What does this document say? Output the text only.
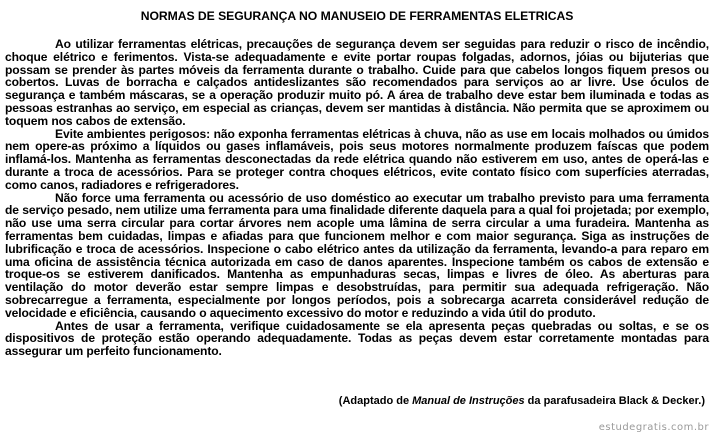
NORMAS DE SEGURANÇA NO MANUSEIO DE FERRAMENTAS ELETRICAS

Ao utilizar ferramentas elétricas, precauções de segurança devem ser seguidas para reduzir o risco de incêndio, choque elétrico e ferimentos. Vista-se adequadamente e evite portar roupas folgadas, adornos, jóias ou bijuterias que possam se prender às partes móveis da ferramenta durante o trabalho. Cuide para que cabelos longos fiquem presos ou cobertos. Luvas de borracha e calçados antideslizantes são recomendados para serviços ao ar livre. Use óculos de segurança e também máscaras, se a operação produzir muito pó. A área de trabalho deve estar bem iluminada e todas as pessoas estranhas ao serviço, em especial as crianças, devem ser mantidas à distância. Não permita que se aproximem ou toquem nos cabos de extensão.

Evite ambientes perigosos: não exponha ferramentas elétricas à chuva, não as use em locais molhados ou úmidos nem opere-as próximo a líquidos ou gases inflamáveis, pois seus motores normalmente produzem faíscas que podem inflamá-los. Mantenha as ferramentas desconectadas da rede elétrica quando não estiverem em uso, antes de operá-las e durante a troca de acessórios. Para se proteger contra choques elétricos, evite contato físico com superfícies aterradas, como canos, radiadores e refrigeradores.

Não force uma ferramenta ou acessório de uso doméstico ao executar um trabalho previsto para uma ferramenta de serviço pesado, nem utilize uma ferramenta para uma finalidade diferente daquela para a qual foi projetada; por exemplo, não use uma serra circular para cortar árvores nem acople uma lâmina de serra circular a uma furadeira. Mantenha as ferramentas bem cuidadas, limpas e afiadas para que funcionem melhor e com maior segurança. Siga as instruções de lubrificação e troca de acessórios. Inspecione o cabo elétrico antes da utilização da ferramenta, levando-a para reparo em uma oficina de assistência técnica autorizada em caso de danos aparentes. Inspecione também os cabos de extensão e troque-os se estiverem danificados. Mantenha as empunhaduras secas, limpas e livres de óleo. As aberturas para ventilação do motor deverão estar sempre limpas e desobstruídas, para permitir sua adequada refrigeração. Não sobrecarregue a ferramenta, especialmente por longos períodos, pois a sobrecarga acarreta considerável redução de velocidade e eficiência, causando o aquecimento excessivo do motor e reduzindo a vida útil do produto.

Antes de usar a ferramenta, verifique cuidadosamente se ela apresenta peças quebradas ou soltas, e se os dispositivos de proteção estão operando adequadamente. Todas as peças devem estar corretamente montadas para assegurar um perfeito funcionamento.

(Adaptado de Manual de Instruções da parafusadeira Black & Decker.)
estudegratis.com.br
